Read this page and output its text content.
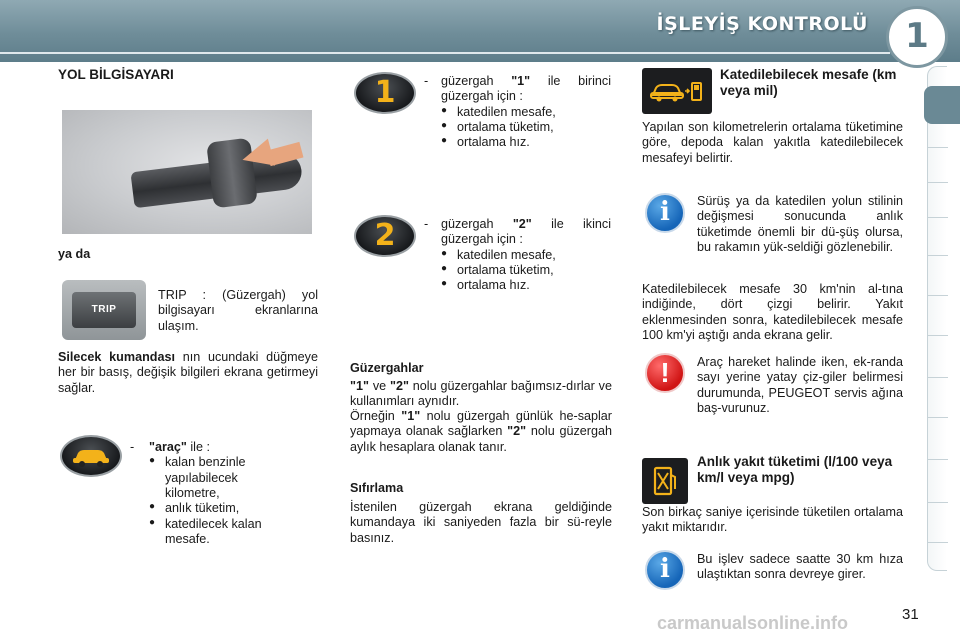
İŞLEYİŞ KONTROLÜ	1
YOL BİLGİSAYARI
ya da
TRIP
TRIP : (Güzergah) yol bilgisayarı ekranlarına ulaşım.
Silecek kumandası nın ucundaki düğmeye her bir basış, değişik bilgileri ekrana getirmeyi sağlar.
- "araç" ile :
● kalan benzinle yapılabilecek kilometre,
● anlık tüketim,
● katedilecek kalan mesafe.
1 - güzergah "1" ile birinci güzergah için :
● katedilen mesafe,
● ortalama tüketim,
● ortalama hız.
2 - güzergah "2" ile ikinci güzergah için :
● katedilen mesafe,
● ortalama tüketim,
● ortalama hız.
Güzergahlar
"1" ve "2" nolu güzergahlar bağımsız-dırlar ve kullanımları aynıdır.
Örneğin "1" nolu güzergah günlük he-saplar yapmaya olanak sağlarken "2" nolu güzergah aylık hesaplara olanak tanır.
Sıfırlama
İstenilen güzergah ekrana geldiğinde kumandaya iki saniyeden fazla bir sü-reyle basınız.
Katedilebilecek mesafe (km veya mil)
Yapılan son kilometrelerin ortalama tüketimine göre, depoda kalan yakıtla katedilebilecek mesafeyi belirtir.
i	Sürüş ya da katedilen yolun stilinin değişmesi sonucunda anlık tüketimde önemli bir dü-şüş olursa, bu rakamın yük-seldiği gözlenebilir.
Katedilebilecek mesafe 30 km'nin al-tına indiğinde, dört çizgi belirir. Yakıt eklenmesinden sonra, katedilebilecek mesafe 100 km'yi aştığı anda ekrana gelir.
!	Araç hareket halinde iken, ek-randa sayı yerine yatay çiz-giler belirmesi durumunda, PEUGEOT servis ağına baş-vurunuz.
Anlık yakıt tüketimi (l/100 veya km/l veya mpg)
Son birkaç saniye içerisinde tüketilen ortalama yakıt miktarıdır.
i	Bu işlev sadece saatte 30 km hıza ulaştıktan sonra devreye girer.
carmanualsonline.info	31
